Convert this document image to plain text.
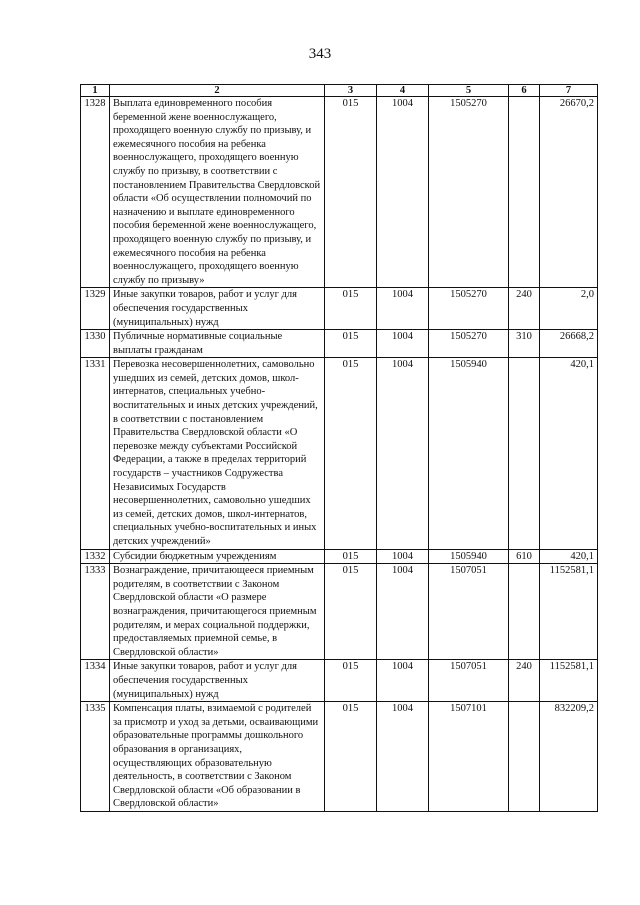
343
1	2	3	4	5	6	7
1328	Выплата единовременного пособия беременной жене военнослужащего, проходящего военную службу по призыву, и ежемесячного пособия на ребенка военнослужащего, проходящего военную службу по призыву, в соответствии с постановлением Правительства Свердловской области «Об осуществлении полномочий по назначению и выплате единовременного пособия беременной жене военнослужащего, проходящего военную службу по призыву, и ежемесячного пособия на ребенка военнослужащего, проходящего военную службу по призыву»	015	1004	1505270		26670,2
1329	Иные закупки товаров, работ и услуг для обеспечения государственных (муниципальных) нужд	015	1004	1505270	240	2,0
1330	Публичные нормативные социальные выплаты гражданам	015	1004	1505270	310	26668,2
1331	Перевозка несовершеннолетних, самовольно ушедших из семей, детских домов, школ-интернатов, специальных учебно-воспитательных и иных детских учреждений, в соответствии с постановлением Правительства Свердловской области «О перевозке между субъектами Российской Федерации, а также в пределах территорий государств – участников Содружества Независимых Государств несовершеннолетних, самовольно ушедших из семей, детских домов, школ-интернатов, специальных учебно-воспитательных и иных детских учреждений»	015	1004	1505940		420,1
1332	Субсидии бюджетным учреждениям	015	1004	1505940	610	420,1
1333	Вознаграждение, причитающееся приемным родителям, в соответствии с Законом Свердловской области «О размере вознаграждения, причитающегося приемным родителям, и мерах социальной поддержки, предоставляемых приемной семье, в Свердловской области»	015	1004	1507051		1152581,1
1334	Иные закупки товаров, работ и услуг для обеспечения государственных (муниципальных) нужд	015	1004	1507051	240	1152581,1
1335	Компенсация платы, взимаемой с родителей за присмотр и уход за детьми, осваивающими образовательные программы дошкольного образования в организациях, осуществляющих образовательную деятельность, в соответствии с Законом Свердловской области «Об образовании в Свердловской области»	015	1004	1507101		832209,2
